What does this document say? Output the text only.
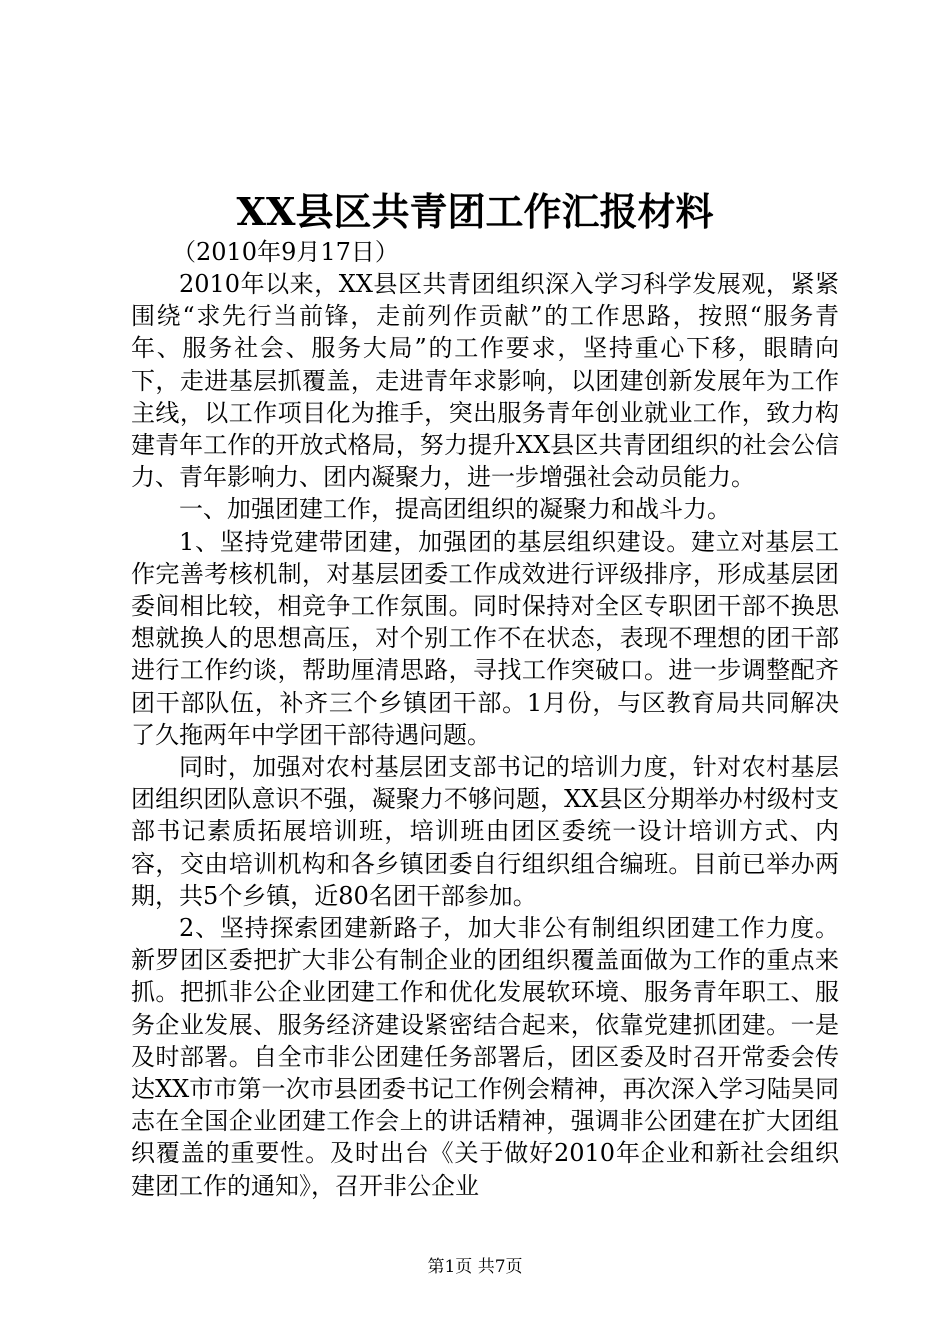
XX县区共青团工作汇报材料
（2010年9月17日）

2010年以来，XX县区共青团组织深入学习科学发展观，紧紧围绕“求先行当前锋，走前列作贡献”的工作思路，按照“服务青年、服务社会、服务大局”的工作要求，坚持重心下移，眼睛向下，走进基层抓覆盖，走进青年求影响，以团建创新发展年为工作主线，以工作项目化为推手，突出服务青年创业就业工作，致力构建青年工作的开放式格局，努力提升XX县区共青团组织的社会公信力、青年影响力、团内凝聚力，进一步增强社会动员能力。

一、加强团建工作，提高团组织的凝聚力和战斗力。

1、坚持党建带团建，加强团的基层组织建设。建立对基层工作完善考核机制，对基层团委工作成效进行评级排序，形成基层团委间相比较，相竞争工作氛围。同时保持对全区专职团干部不换思想就换人的思想高压，对个别工作不在状态，表现不理想的团干部进行工作约谈，帮助厘清思路，寻找工作突破口。进一步调整配齐团干部队伍，补齐三个乡镇团干部。1月份，与区教育局共同解决了久拖两年中学团干部待遇问题。

同时，加强对农村基层团支部书记的培训力度，针对农村基层团组织团队意识不强，凝聚力不够问题，XX县区分期举办村级村支部书记素质拓展培训班，培训班由团区委统一设计培训方式、内容，交由培训机构和各乡镇团委自行组织组合编班。目前已举办两期，共5个乡镇，近80名团干部参加。

2、坚持探索团建新路子，加大非公有制组织团建工作力度。新罗团区委把扩大非公有制企业的团组织覆盖面做为工作的重点来抓。把抓非公企业团建工作和优化发展软环境、服务青年职工、服务企业发展、服务经济建设紧密结合起来，依靠党建抓团建。一是及时部署。自全市非公团建任务部署后，团区委及时召开常委会传达XX市市第一次市县团委书记工作例会精神，再次深入学习陆昊同志在全国企业团建工作会上的讲话精神，强调非公团建在扩大团组织覆盖的重要性。及时出台《关于做好2010年企业和新社会组织建团工作的通知》，召开非公企业

第1页 共7页
